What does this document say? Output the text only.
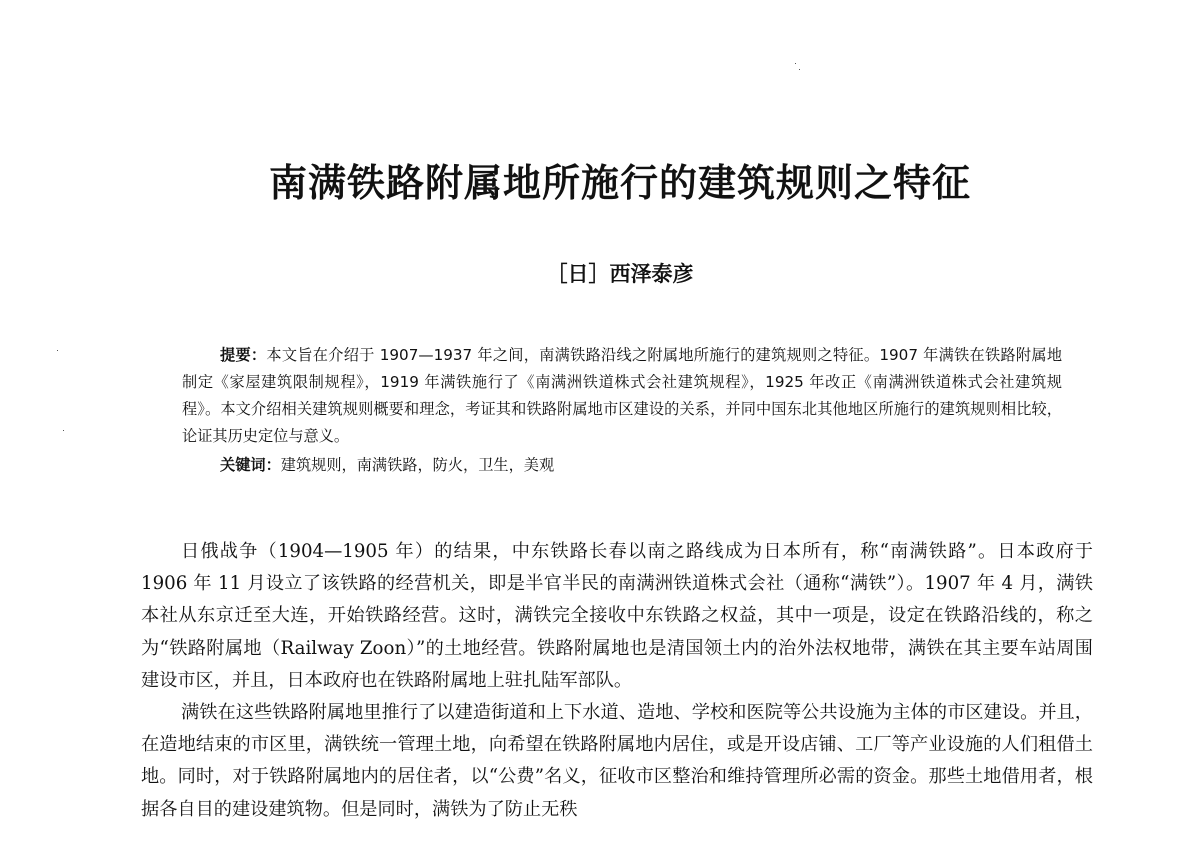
南满铁路附属地所施行的建筑规则之特征
［日］西泽泰彦
提要：本文旨在介绍于 1907—1937 年之间，南满铁路沿线之附属地所施行的建筑规则之特征。1907 年满铁在铁路附属地制定《家屋建筑限制规程》，1919 年满铁施行了《南满洲铁道株式会社建筑规程》，1925 年改正《南满洲铁道株式会社建筑规程》。本文介绍相关建筑规则概要和理念，考证其和铁路附属地市区建设的关系，并同中国东北其他地区所施行的建筑规则相比较，论证其历史定位与意义。
关键词：建筑规则，南满铁路，防火，卫生，美观

日俄战争（1904—1905 年）的结果，中东铁路长春以南之路线成为日本所有，称“南满铁路”。日本政府于 1906 年 11 月设立了该铁路的经营机关，即是半官半民的南满洲铁道株式会社（通称“满铁”）。1907 年 4 月，满铁本社从东京迁至大连，开始铁路经营。这时，满铁完全接收中东铁路之权益，其中一项是，设定在铁路沿线的，称之为“铁路附属地（Railway Zoon）”的土地经营。铁路附属地也是清国领土内的治外法权地带，满铁在其主要车站周围建设市区，并且，日本政府也在铁路附属地上驻扎陆军部队。

满铁在这些铁路附属地里推行了以建造街道和上下水道、造地、学校和医院等公共设施为主体的市区建设。并且，在造地结束的市区里，满铁统一管理土地，向希望在铁路附属地内居住，或是开设店铺、工厂等产业设施的人们租借土地。同时，对于铁路附属地内的居住者，以“公费”名义，征收市区整治和维持管理所必需的资金。那些土地借用者，根据各自目的建设建筑物。但是同时，满铁为了防止无秩
